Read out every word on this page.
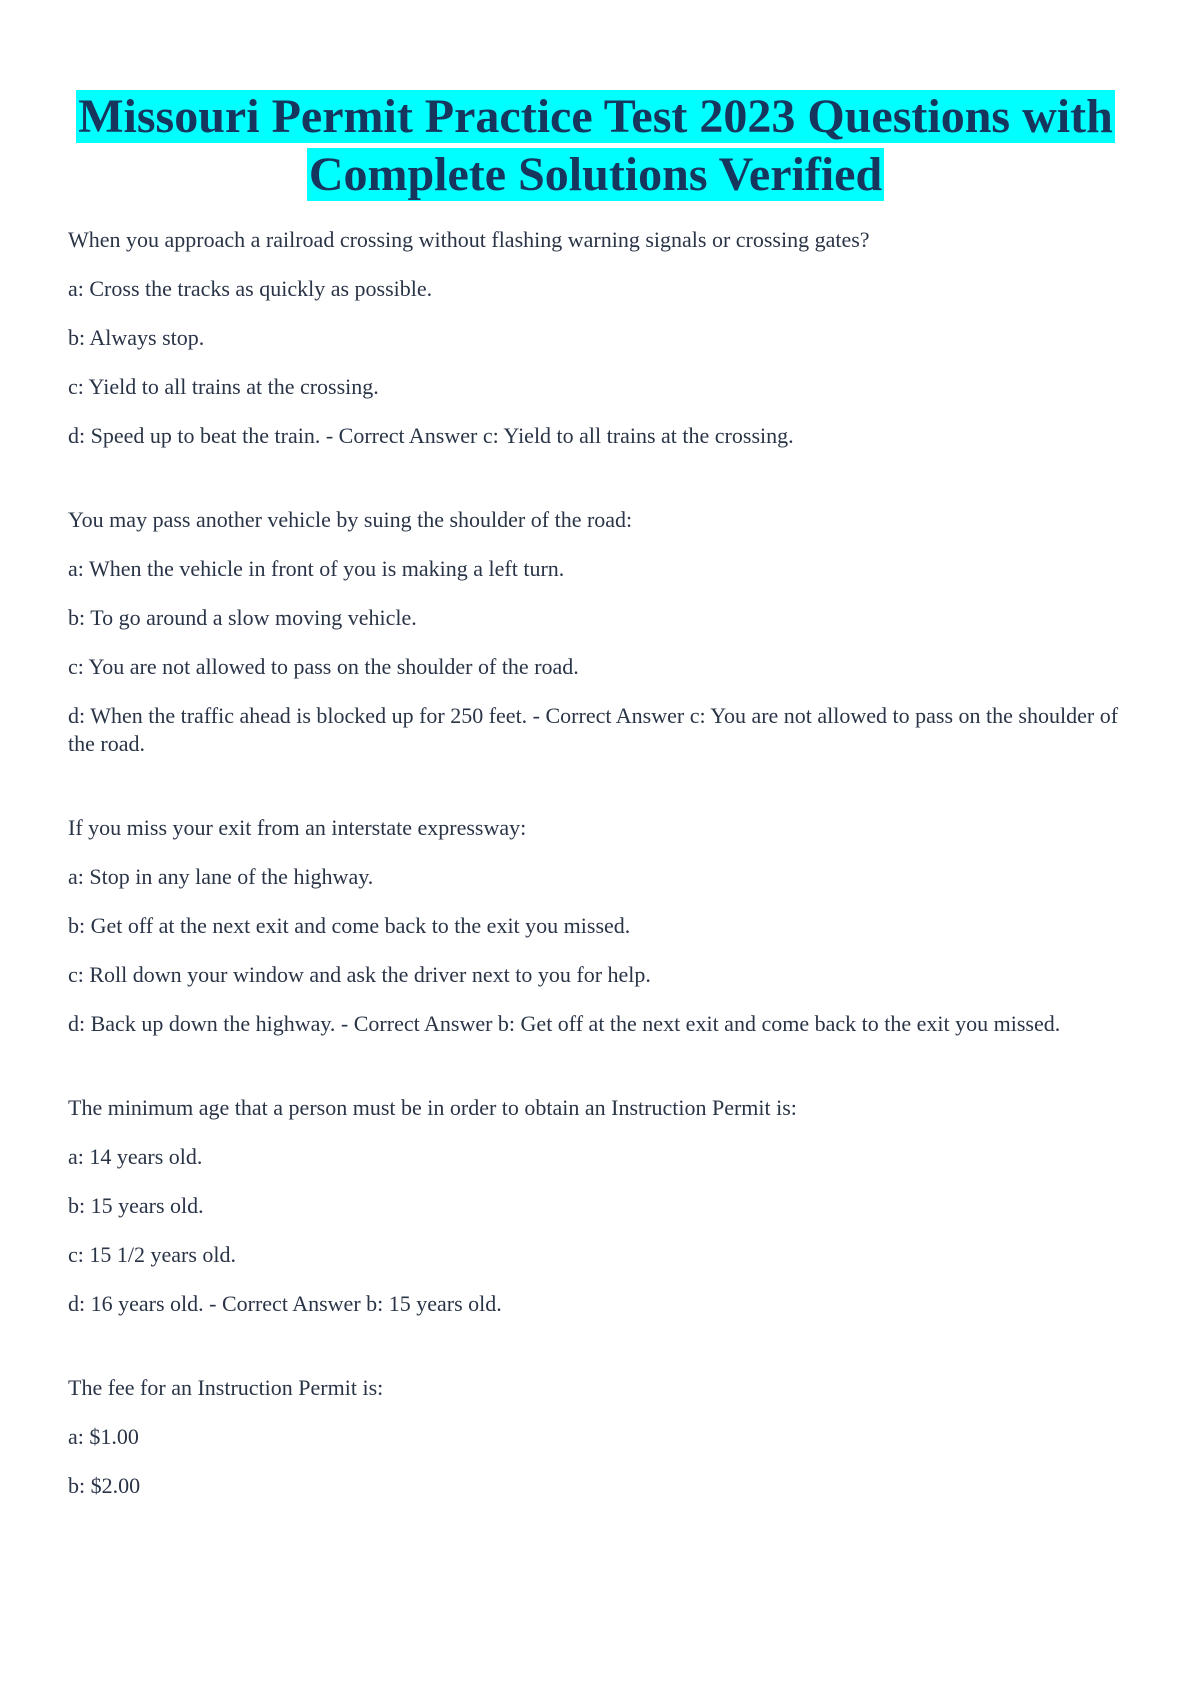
Missouri Permit Practice Test 2023 Questions with
Complete Solutions Verified

When you approach a railroad crossing without flashing warning signals or crossing gates?

a: Cross the tracks as quickly as possible.

b: Always stop.

c: Yield to all trains at the crossing.

d: Speed up to beat the train. - Correct Answer c: Yield to all trains at the crossing.

You may pass another vehicle by suing the shoulder of the road:

a: When the vehicle in front of you is making a left turn.

b: To go around a slow moving vehicle.

c: You are not allowed to pass on the shoulder of the road.

d: When the traffic ahead is blocked up for 250 feet. - Correct Answer c: You are not allowed to pass on the shoulder of the road.

If you miss your exit from an interstate expressway:

a: Stop in any lane of the highway.

b: Get off at the next exit and come back to the exit you missed.

c: Roll down your window and ask the driver next to you for help.

d: Back up down the highway. - Correct Answer b: Get off at the next exit and come back to the exit you missed.

The minimum age that a person must be in order to obtain an Instruction Permit is:

a: 14 years old.

b: 15 years old.

c: 15 1/2 years old.

d: 16 years old. - Correct Answer b: 15 years old.

The fee for an Instruction Permit is:

a: $1.00

b: $2.00
